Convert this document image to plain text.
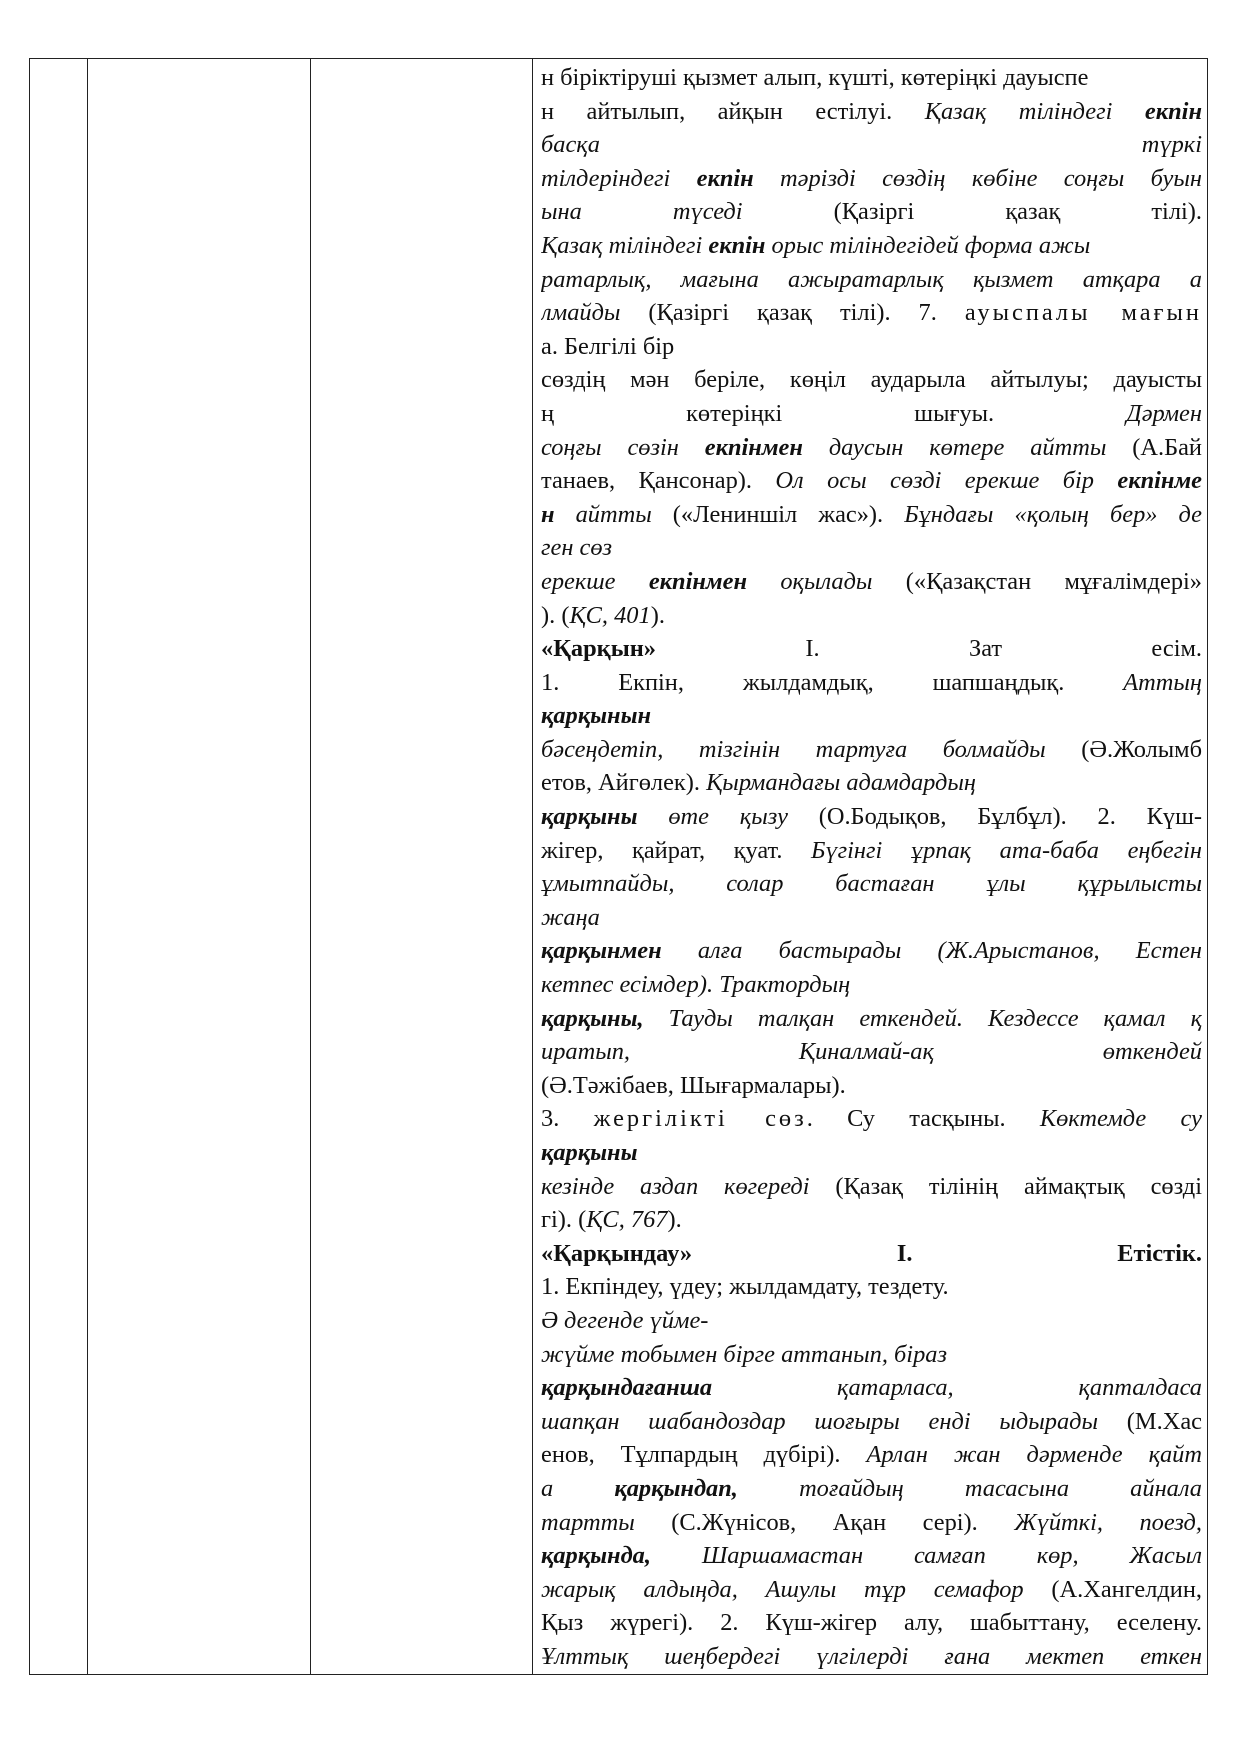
н біріктіруші қызмет алып, күшті, көтеріңкі дауыспе
н айтылып, айқын естілуі. Қазақ тіліндегі екпін
басқа түркі
тілдеріндегі екпін тәрізді сөздің көбіне соңғы буын
ына түседі (Қазіргі қазақ тілі).
Қазақ тіліндегі екпін орыс тіліндегідей форма ажы
ратарлық, мағына ажыратарлық қызмет атқара а
лмайды (Қазіргі қазақ тілі). 7. ауыспалы мағын
а. Белгілі бір
сөздің мән беріле, көңіл аударыла айтылуы; дауысты
ң көтеріңкі шығуы. Дәрмен
соңғы сөзін екпінмен даусын көтере айтты (А.Бай
танаев, Қансонар). Ол осы сөзді ерекше бір екпінме
н айтты («Лениншіл жас»). Бұндағы «қолың бер» де
ген сөз
ерекше екпінмен оқылады («Қазақстан мұғалімдері»
). (ҚС, 401).
«Қарқын» I. Зат есім.
1. Екпін, жылдамдық, шапшаңдық. Аттың
қарқынын
бәсеңдетіп, тізгінін тартуға болмайды (Ә.Жолымб
етов, Айгөлек). Қырмандағы адамдардың
қарқыны өте қызу (О.Бодықов, Бұлбұл). 2. Күш-
жігер, қайрат, қуат. Бүгінгі ұрпақ ата-баба еңбегін
ұмытпайды, солар бастаған ұлы құрылысты
жаңа
қарқынмен алға бастырады (Ж.Арыстанов, Естен
кетпес есімдер). Трактордың
қарқыны, Тауды талқан еткендей. Кездессе қамал қ
иратып, Қиналмай-ақ өткендей
(Ә.Тәжібаев, Шығармалары).
3. жергілікті сөз. Су тасқыны. Көктемде су
қарқыны
кезінде аздап көгереді (Қазақ тілінің аймақтық сөзді
гі). (ҚС, 767).
«Қарқындау»	I. Етістік.
1. Екпіндеу, үдеу; жылдамдату, тездету.
Ә дегенде үйме-
жүйме тобымен бірге аттанып, біраз
қарқындағанша қатарласа, қапталдаса
шапқан шабандоздар шоғыры енді ыдырады (М.Хас
енов, Тұлпардың дүбірі). Арлан жан дәрменде қайт
а қарқындап, тоғайдың тасасына айнала
тартты (С.Жүнісов, Ақан сері). Жүйткі, поезд,
қарқында, Шаршамастан самғап көр, Жасыл
жарық алдыңда, Ашулы тұр семафор (А.Хангелдин,
Қыз жүрегі). 2. Күш-жігер алу, шабыттану, еселену.
Ұлттық шеңбердегі үлгілерді ғана мектеп еткен
